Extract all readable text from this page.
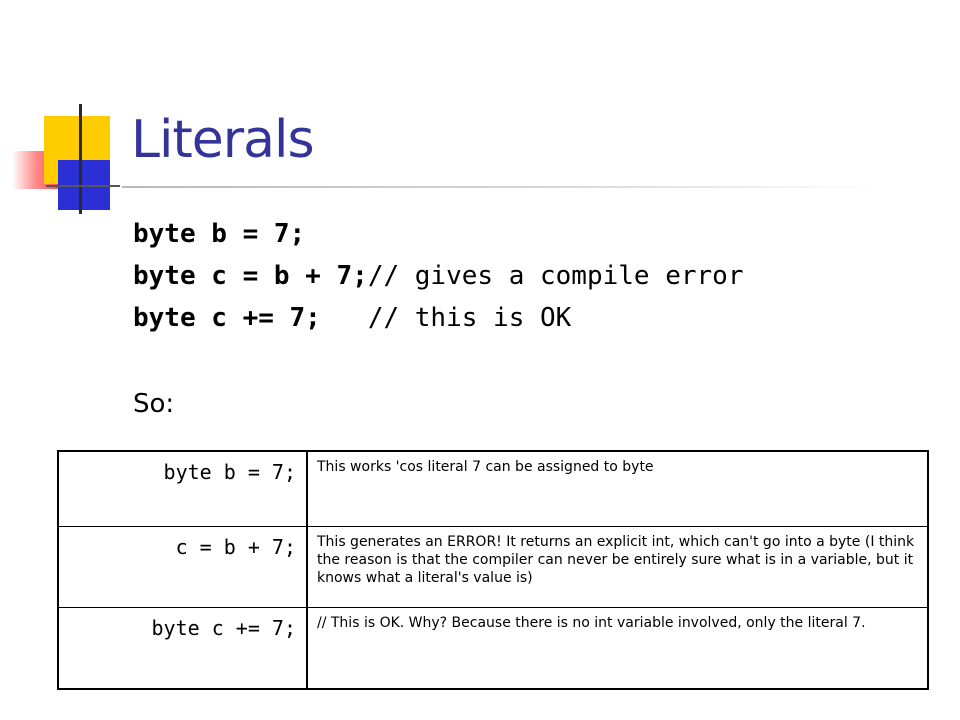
Literals
byte b = 7;
byte c = b + 7;// gives a compile error
byte c += 7;   // this is OK
So:
byte b = 7;	This works 'cos literal 7 can be assigned to byte

c = b + 7;	This generates an ERROR! It returns an explicit int, which can't go into a byte (I think the reason is that the compiler can never be entirely sure what is in a variable, but it knows what a literal's value is)

byte c += 7;	// This is OK. Why? Because there is no int variable involved, only the literal 7.
